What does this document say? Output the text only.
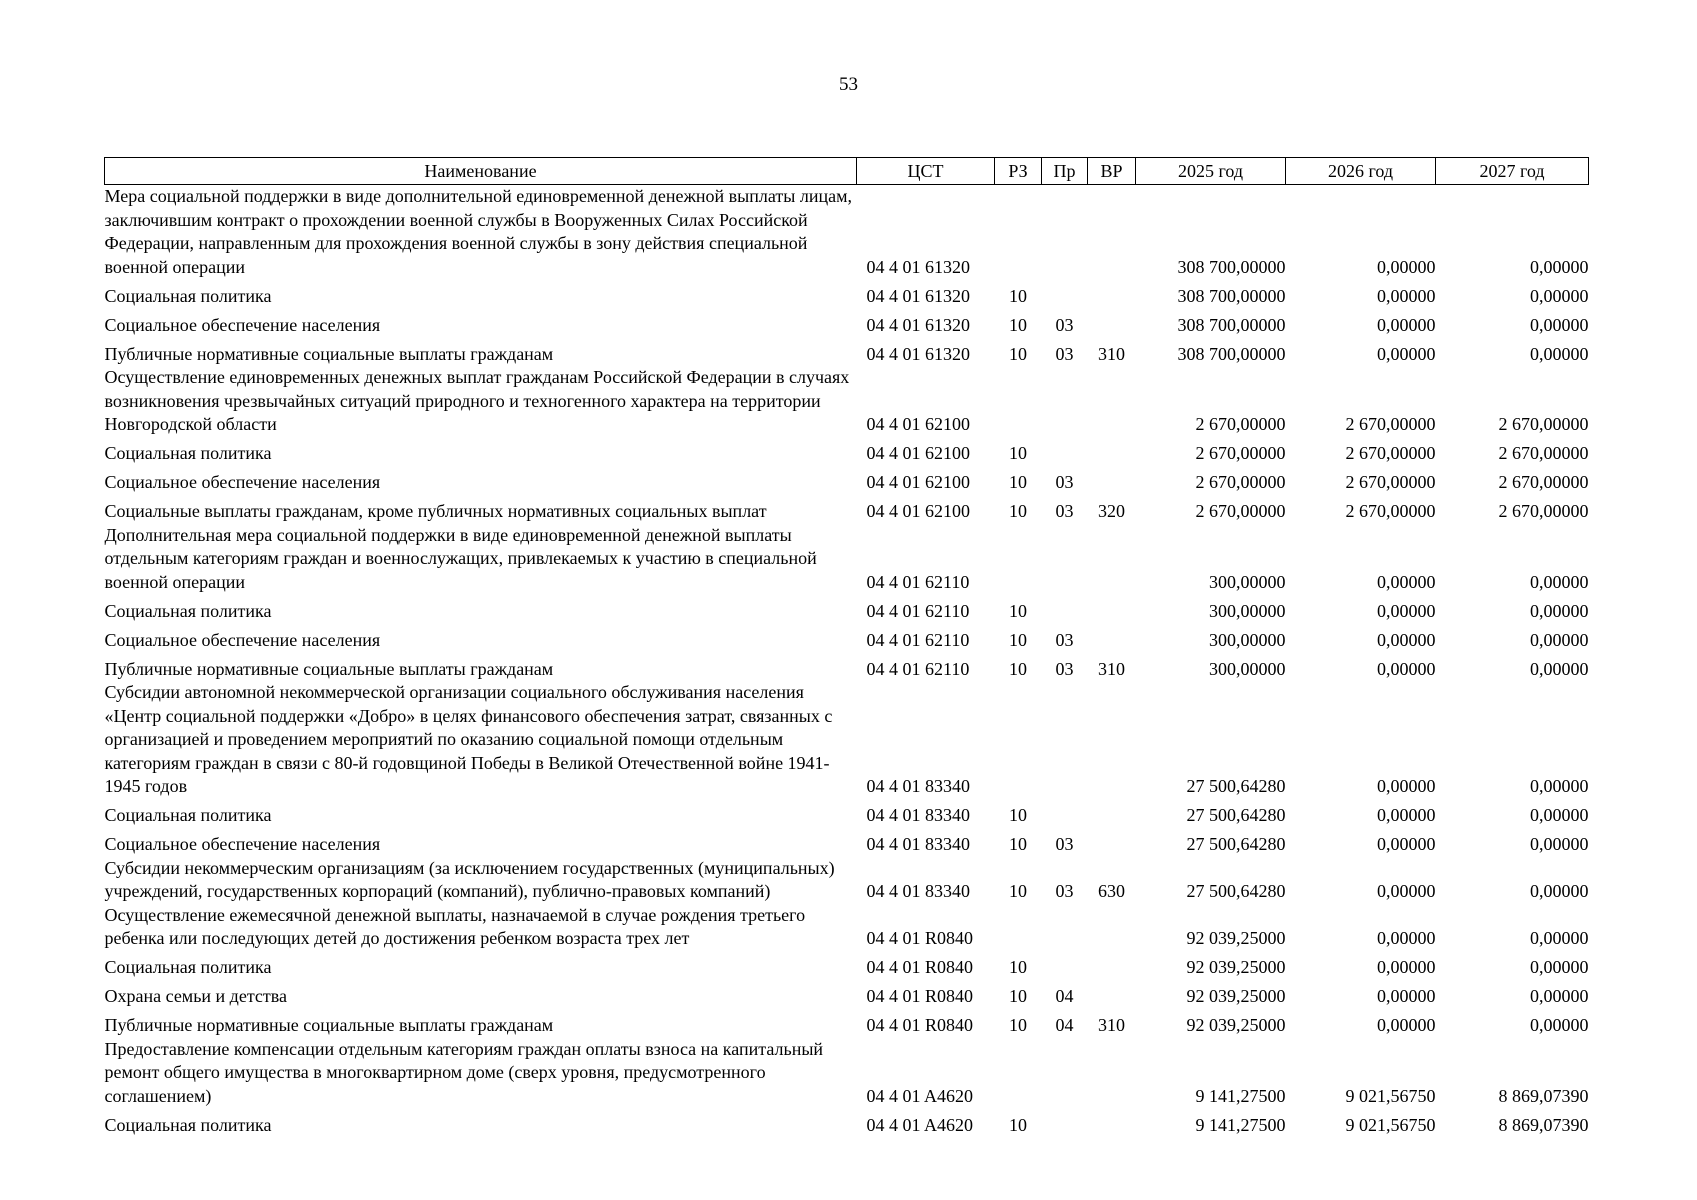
53
Наименование	ЦСТ	РЗ	Пр	ВР	2025 год	2026 год	2027 год
Мера социальной поддержки в виде дополнительной единовременной денежной выплаты лицам, заключившим контракт о прохождении военной службы в Вооруженных Силах Российской Федерации, направленным для прохождения военной службы в зону действия специальной военной операции	04 4 01 61320				308 700,00000	0,00000	0,00000
Социальная политика	04 4 01 61320	10			308 700,00000	0,00000	0,00000
Социальное обеспечение населения	04 4 01 61320	10	03		308 700,00000	0,00000	0,00000
Публичные нормативные социальные выплаты гражданам	04 4 01 61320	10	03	310	308 700,00000	0,00000	0,00000
Осуществление единовременных денежных выплат гражданам Российской Федерации в случаях возникновения чрезвычайных ситуаций природного и техногенного характера на территории Новгородской области	04 4 01 62100				2 670,00000	2 670,00000	2 670,00000
Социальная политика	04 4 01 62100	10			2 670,00000	2 670,00000	2 670,00000
Социальное обеспечение населения	04 4 01 62100	10	03		2 670,00000	2 670,00000	2 670,00000
Социальные выплаты гражданам, кроме публичных нормативных социальных выплат	04 4 01 62100	10	03	320	2 670,00000	2 670,00000	2 670,00000
Дополнительная мера социальной поддержки в виде единовременной денежной выплаты отдельным категориям граждан и военнослужащих, привлекаемых к участию в специальной военной операции	04 4 01 62110				300,00000	0,00000	0,00000
Социальная политика	04 4 01 62110	10			300,00000	0,00000	0,00000
Социальное обеспечение населения	04 4 01 62110	10	03		300,00000	0,00000	0,00000
Публичные нормативные социальные выплаты гражданам	04 4 01 62110	10	03	310	300,00000	0,00000	0,00000
Субсидии автономной некоммерческой организации социального обслуживания населения «Центр социальной поддержки «Добро» в целях финансового обеспечения затрат, связанных с организацией и проведением мероприятий по оказанию социальной помощи отдельным категориям граждан в связи с 80-й годовщиной Победы в Великой Отечественной войне 1941-1945 годов	04 4 01 83340				27 500,64280	0,00000	0,00000
Социальная политика	04 4 01 83340	10			27 500,64280	0,00000	0,00000
Социальное обеспечение населения	04 4 01 83340	10	03		27 500,64280	0,00000	0,00000
Субсидии некоммерческим организациям (за исключением государственных (муниципальных) учреждений, государственных корпораций (компаний), публично-правовых компаний)	04 4 01 83340	10	03	630	27 500,64280	0,00000	0,00000
Осуществление ежемесячной денежной выплаты, назначаемой в случае рождения третьего ребенка или последующих детей до достижения ребенком возраста трех лет	04 4 01 R0840				92 039,25000	0,00000	0,00000
Социальная политика	04 4 01 R0840	10			92 039,25000	0,00000	0,00000
Охрана семьи и детства	04 4 01 R0840	10	04		92 039,25000	0,00000	0,00000
Публичные нормативные социальные выплаты гражданам	04 4 01 R0840	10	04	310	92 039,25000	0,00000	0,00000
Предоставление компенсации отдельным категориям граждан оплаты взноса на капитальный ремонт общего имущества в многоквартирном доме (сверх уровня, предусмотренного соглашением)	04 4 01 A4620				9 141,27500	9 021,56750	8 869,07390
Социальная политика	04 4 01 A4620	10			9 141,27500	9 021,56750	8 869,07390
